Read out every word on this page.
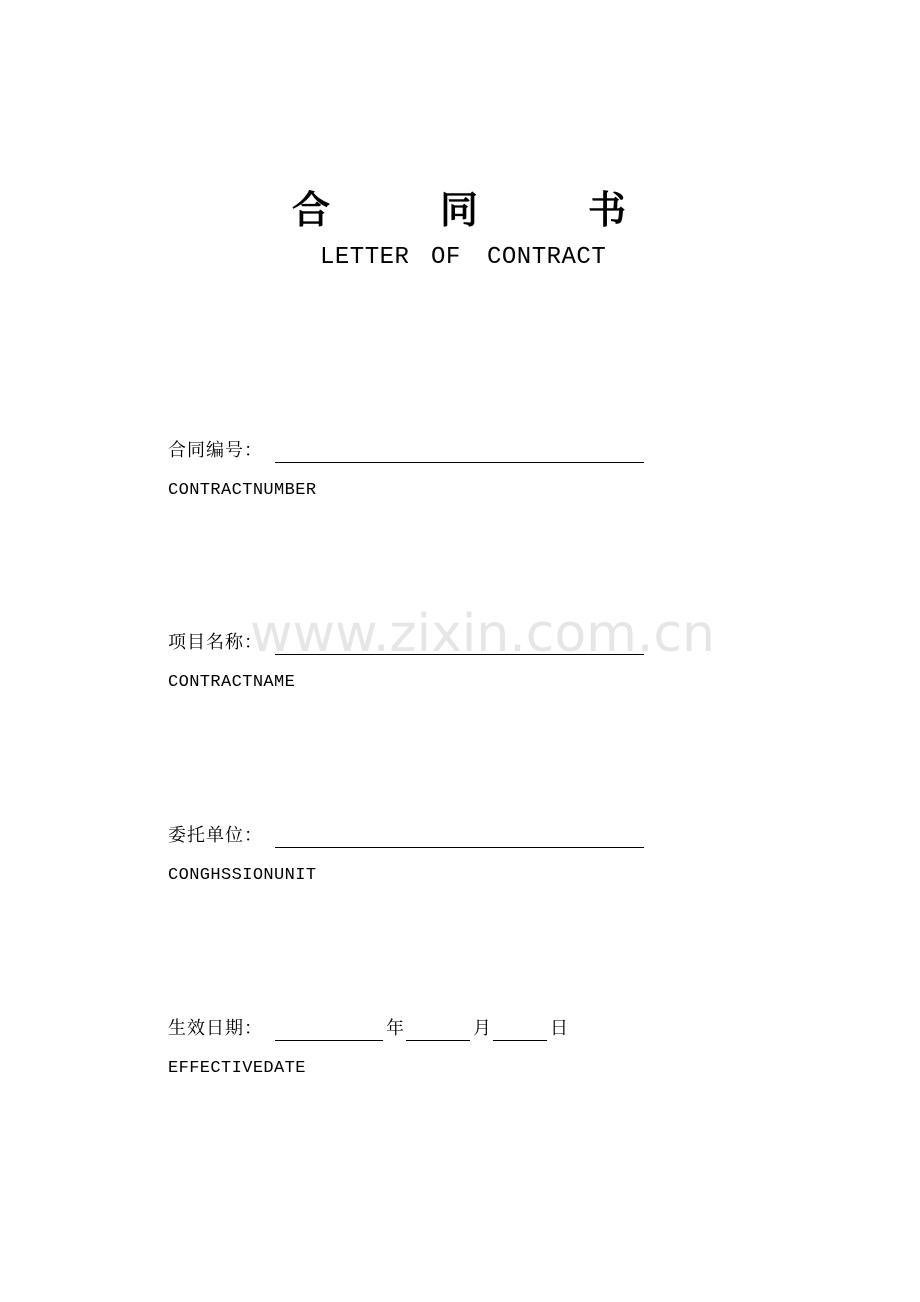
合	同	书
LETTER OF CONTRACT
www.zixin.com.cn
合同编号：
CONTRACTNUMBER
项目名称：
CONTRACTNAME
委托单位：
CONGHSSIONUNIT
生效日期：	年	月	日
EFFECTIVEDATE
